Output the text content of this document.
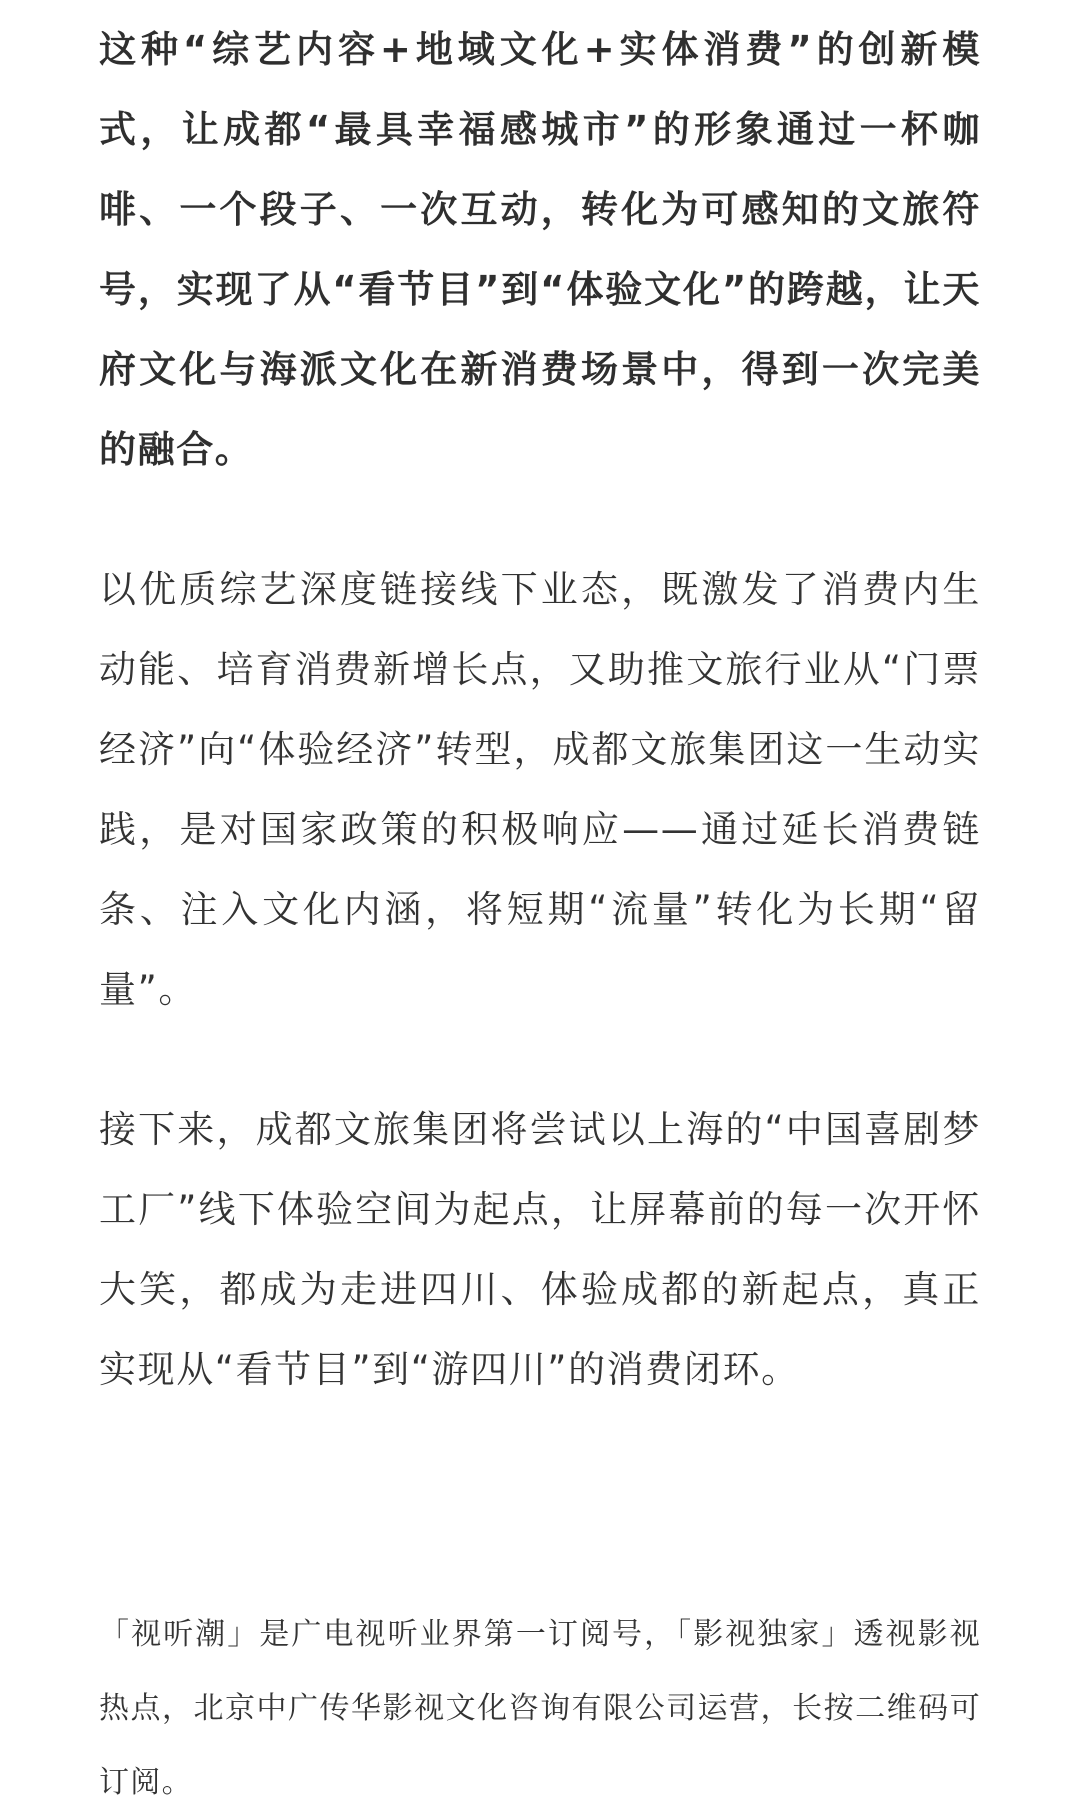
这种“综艺内容+地域文化+实体消费”的创新模式，让成都“最具幸福感城市”的形象通过一杯咖啡、一个段子、一次互动，转化为可感知的文旅符号，实现了从“看节目”到“体验文化”的跨越，让天府文化与海派文化在新消费场景中，得到一次完美的融合。

以优质综艺深度链接线下业态，既激发了消费内生动能、培育消费新增长点，又助推文旅行业从“门票经济”向“体验经济”转型，成都文旅集团这一生动实践，是对国家政策的积极响应——通过延长消费链条、注入文化内涵，将短期“流量”转化为长期“留量”。

接下来，成都文旅集团将尝试以上海的“中国喜剧梦工厂”线下体验空间为起点，让屏幕前的每一次开怀大笑，都成为走进四川、体验成都的新起点，真正实现从“看节目”到“游四川”的消费闭环。

「视听潮」是广电视听业界第一订阅号，「影视独家」透视影视热点，北京中广传华影视文化咨询有限公司运营，长按二维码可订阅。
